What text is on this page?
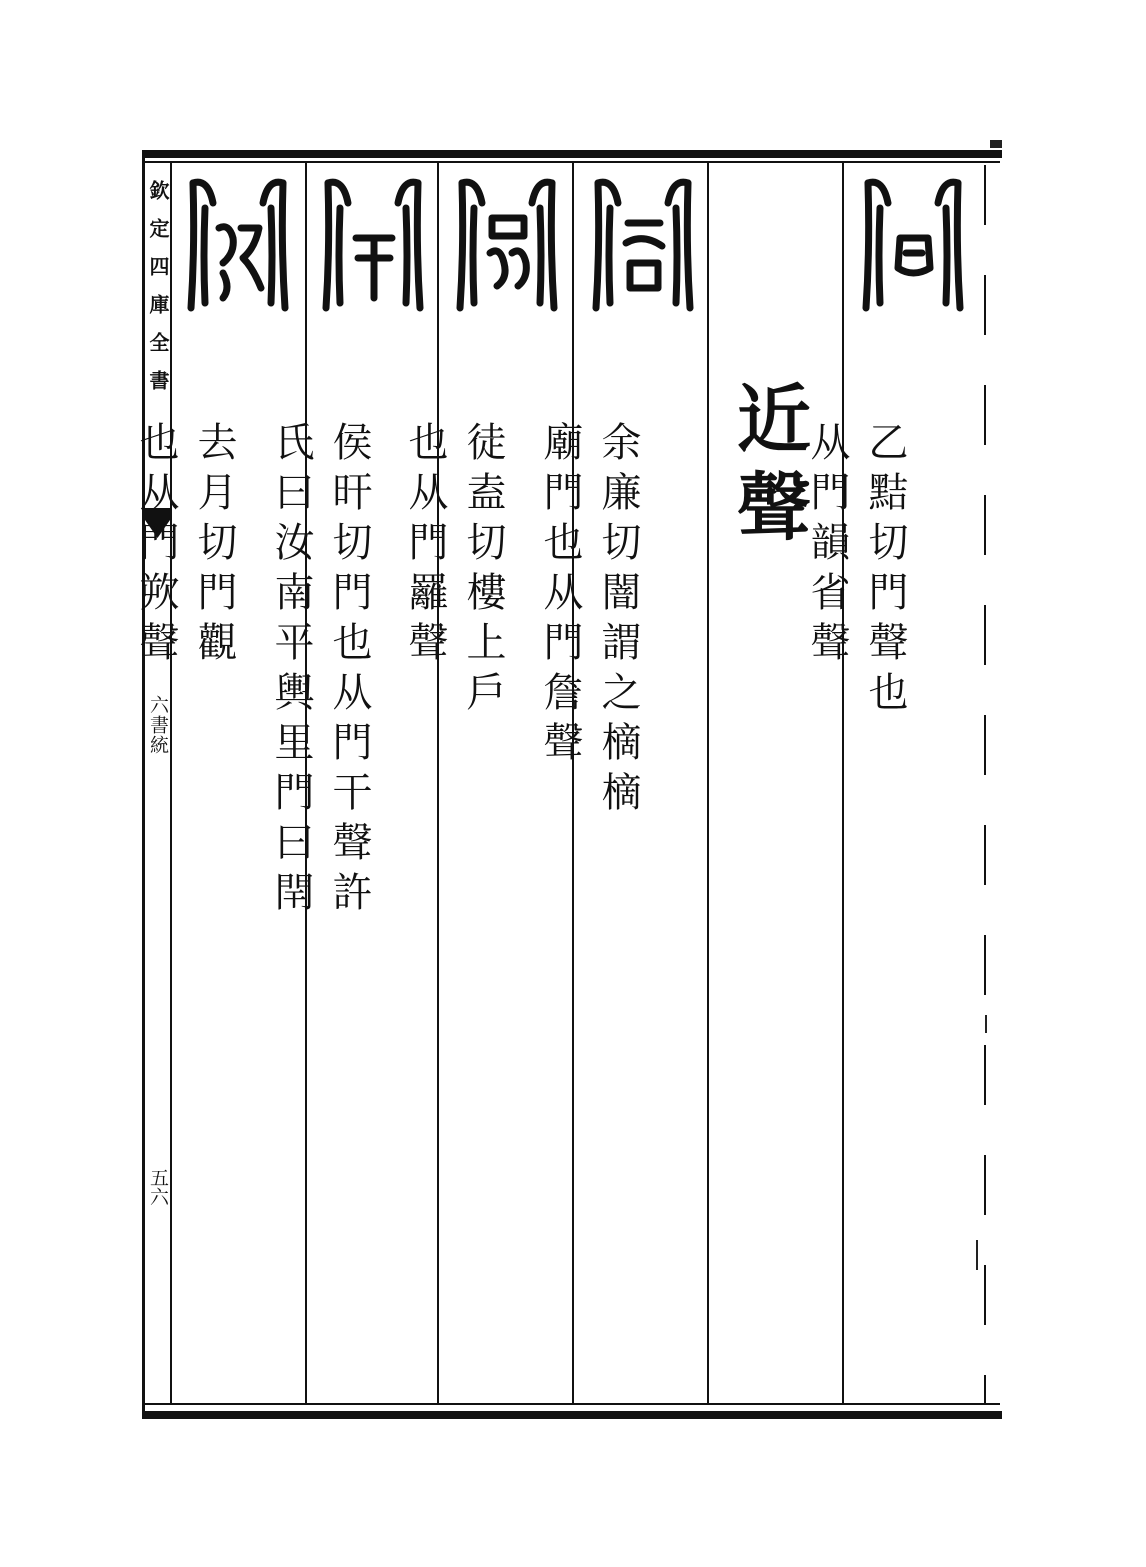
欽定四庫全書
六書統
五六

乙黠切門聲也
从門韻省聲

近聲

余廉切闇謂之樀樀
廟門也从門詹聲

徒盍切樓上戶
也从門䍦聲

侯旰切門也从門干聲許
氏曰汝南平輿里門曰閈

去月切門觀
也从門欮聲
